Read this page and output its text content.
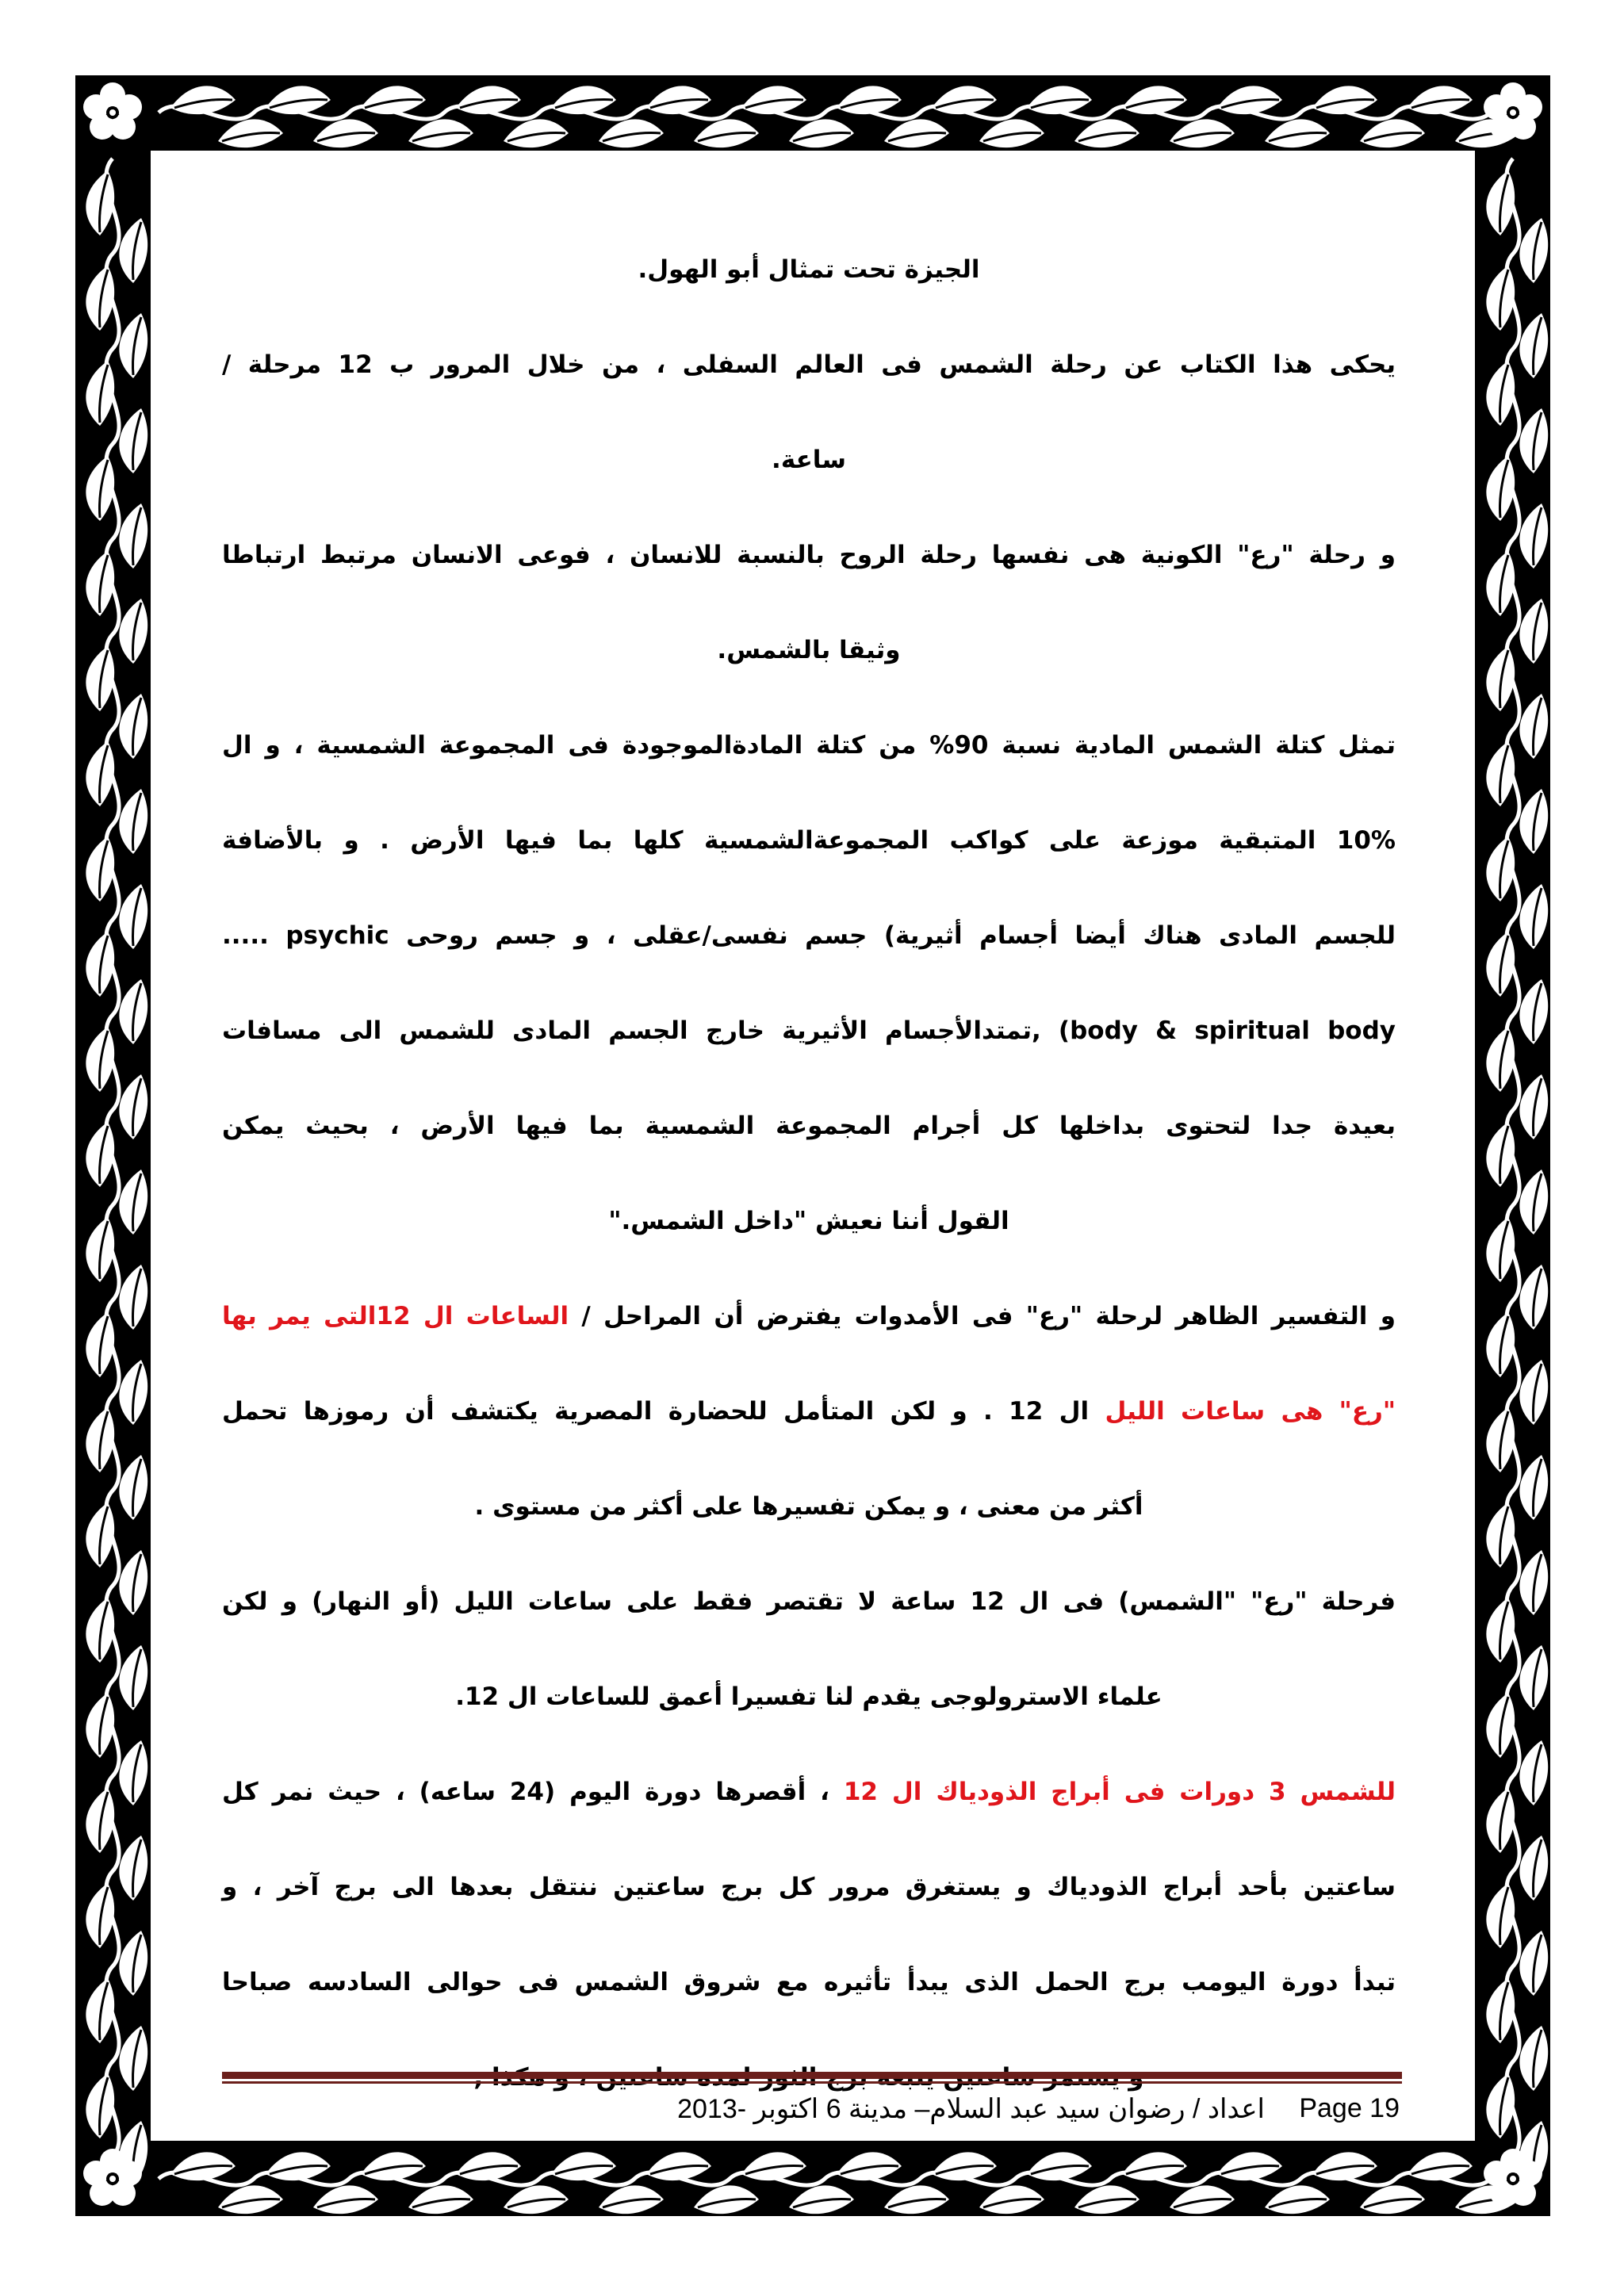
الجيزة تحت تمثال أبو الهول.
يحكى هذا الكتاب عن رحلة الشمس فى العالم السفلى ، من خلال المرور ب 12 مرحلة /
ساعة.
و رحلة "رع" الكونية هى نفسها رحلة الروح بالنسبة للانسان ، فوعى الانسان مرتبط ارتباطا
وثيقا بالشمس.
تمثل كتلة الشمس المادية نسبة 90% من كتلة المادةالموجودة فى المجموعة الشمسية ، و ال
10% المتبقية موزعة على كواكب المجموعةالشمسية كلها بما فيها الأرض . و بالأضافة
للجسم المادى هناك أيضا أجسام أثيرية) جسم نفسى/عقلى ، و جسم روحى psychic .....
body & spiritual body) ,تمتدالأجسام الأثيرية خارج الجسم المادى للشمس الى مسافات
بعيدة جدا لتحتوى بداخلها كل أجرام المجموعة الشمسية بما فيها الأرض ، بحيث يمكن
القول أننا نعيش "داخل الشمس."
و التفسير الظاهر لرحلة "رع" فى الأمدوات يفترض أن المراحل / الساعات ال 12التى يمر بها
"رع" هى ساعات الليل ال 12 . و لكن المتأمل للحضارة المصرية يكتشف أن رموزها تحمل
أكثر من معنى ، و يمكن تفسيرها على أكثر من مستوى .
فرحلة "رع" "الشمس) فى ال 12 ساعة لا تقتصر فقط على ساعات الليل (أو النهار) و لكن
علماء الاسترولوجى يقدم لنا تفسيرا أعمق للساعات ال 12.
للشمس 3 دورات فى أبراج الذودياك ال 12 ، أقصرها دورة اليوم (24 ساعه) ، حيث نمر كل
ساعتين بأحد أبراج الذودياك و يستغرق مرور كل برج ساعتين ننتقل بعدها الى برج آخر ، و
تبدأ دورة اليومب برج الحمل الذى يبدأ تأثيره مع شروق الشمس فى حوالى السادسه صباحا
Page 19
اعداد / رضوان سيد عبد السلام– مدينة 6 اكتوبر -2013
